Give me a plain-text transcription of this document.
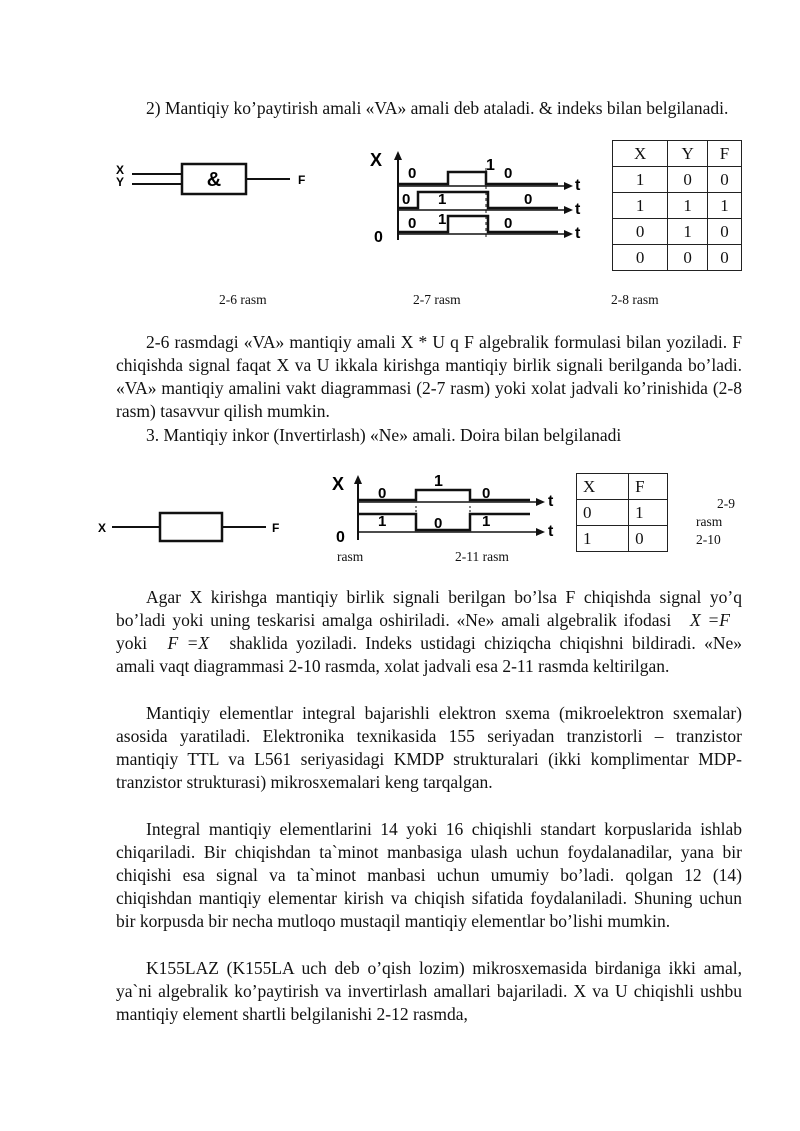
2) Mantiqiy ko’paytirish amali «VA» amali deb ataladi. & indeks bilan belgilanadi.

X
Y	&	F
X
0
t
0	1 0
t
0 1	0
t
0 1	0
X	Y	F
1	0	0
1	1	1
0	1	0
0	0	0
2-6 rasm	2-7 rasm	2-8 rasm

2-6 rasmdagi «VA» mantiqiy amali X * U q F algebralik formulasi bilan yoziladi. F chiqishda signal faqat X va U ikkala kirishga mantiqiy birlik signali berilganda bo’ladi. «VA» mantiqiy amalini vakt diagrammasi (2-7 rasm) yoki xolat jadvali ko’rinishida (2-8 rasm) tasavvur qilish mumkin.

3. Mantiqiy inkor (Invertirlash) «Ne» amali. Doira bilan belgilanadi

X	F
X
0
t
0
1
0
t
1	0	1
X	F
0	1
1	0
2-9
rasm
2-10
rasm	2-11 rasm

Agar X kirishga mantiqiy birlik signali berilgan bo’lsa F chiqishda signal yo’q bo’ladi yoki uning teskarisi amalga oshiriladi. «Ne» amali algebralik ifodasi X =F yoki F =X shaklida yoziladi. Indeks ustidagi chiziqcha chiqishni bildiradi. «Ne» amali vaqt diagrammasi 2-10 rasmda, xolat jadvali esa 2-11 rasmda keltirilgan.

Mantiqiy elementlar integral bajarishli elektron sxema (mikroelektron sxemalar) asosida yaratiladi. Elektronika texnikasida 155 seriyadan tranzistorli – tranzistor mantiqiy TTL va L561 seriyasidagi KMDP strukturalari (ikki komplimentar MDP-tranzistor strukturasi) mikrosxemalari keng tarqalgan.

Integral mantiqiy elementlarini 14 yoki 16 chiqishli standart korpuslarida ishlab chiqariladi. Bir chiqishdan ta`minot manbasiga ulash uchun foydalanadilar, yana bir chiqishi esa signal va ta`minot manbasi uchun umumiy bo’ladi. qolgan 12 (14) chiqishdan mantiqiy elementar kirish va chiqish sifatida foydalaniladi. Shuning uchun bir korpusda bir necha mutloqo mustaqil mantiqiy elementlar bo’lishi mumkin.

K155LAZ (K155LA uch deb o’qish lozim) mikrosxemasida birdaniga ikki amal, ya`ni algebralik ko’paytirish va invertirlash amallari bajariladi. X va U chiqishli ushbu mantiqiy element shartli belgilanishi 2-12 rasmda,
